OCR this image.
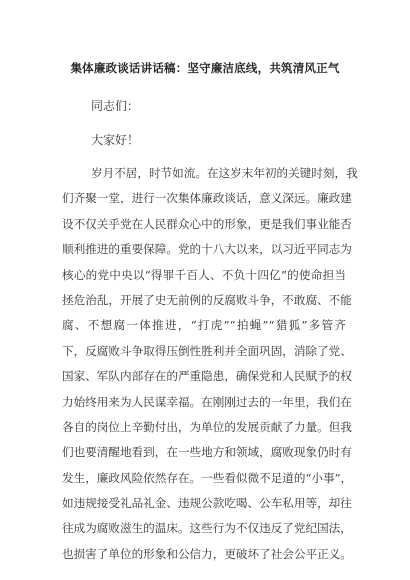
集体廉政谈话讲话稿：坚守廉洁底线，共筑清风正气
同志们：
大家好！
岁月不居，时节如流。在这岁末年初的关键时刻，我
们齐聚一堂，进行一次集体廉政谈话，意义深远。廉政建
设不仅关乎党在人民群众心中的形象，更是我们事业能否
顺利推进的重要保障。党的十八大以来，以习近平同志为
核心的党中央以“得罪千百人、不负十四亿”的使命担当
拯危治乱，开展了史无前例的反腐败斗争，不敢腐、不能
腐、不想腐一体推进，“打虎”“拍蝇”“猎狐”多管齐
下，反腐败斗争取得压倒性胜利并全面巩固，消除了党、
国家、军队内部存在的严重隐患，确保党和人民赋予的权
力始终用来为人民谋幸福。在刚刚过去的一年里，我们在
各自的岗位上辛勤付出，为单位的发展贡献了力量。但我
们也要清醒地看到，在一些地方和领域，腐败现象仍时有
发生，廉政风险依然存在。一些看似微不足道的“小事”，
如违规接受礼品礼金、违规公款吃喝、公车私用等，却往
往成为腐败滋生的温床。这些行为不仅违反了党纪国法，
也损害了单位的形象和公信力，更破坏了社会公平正义。
